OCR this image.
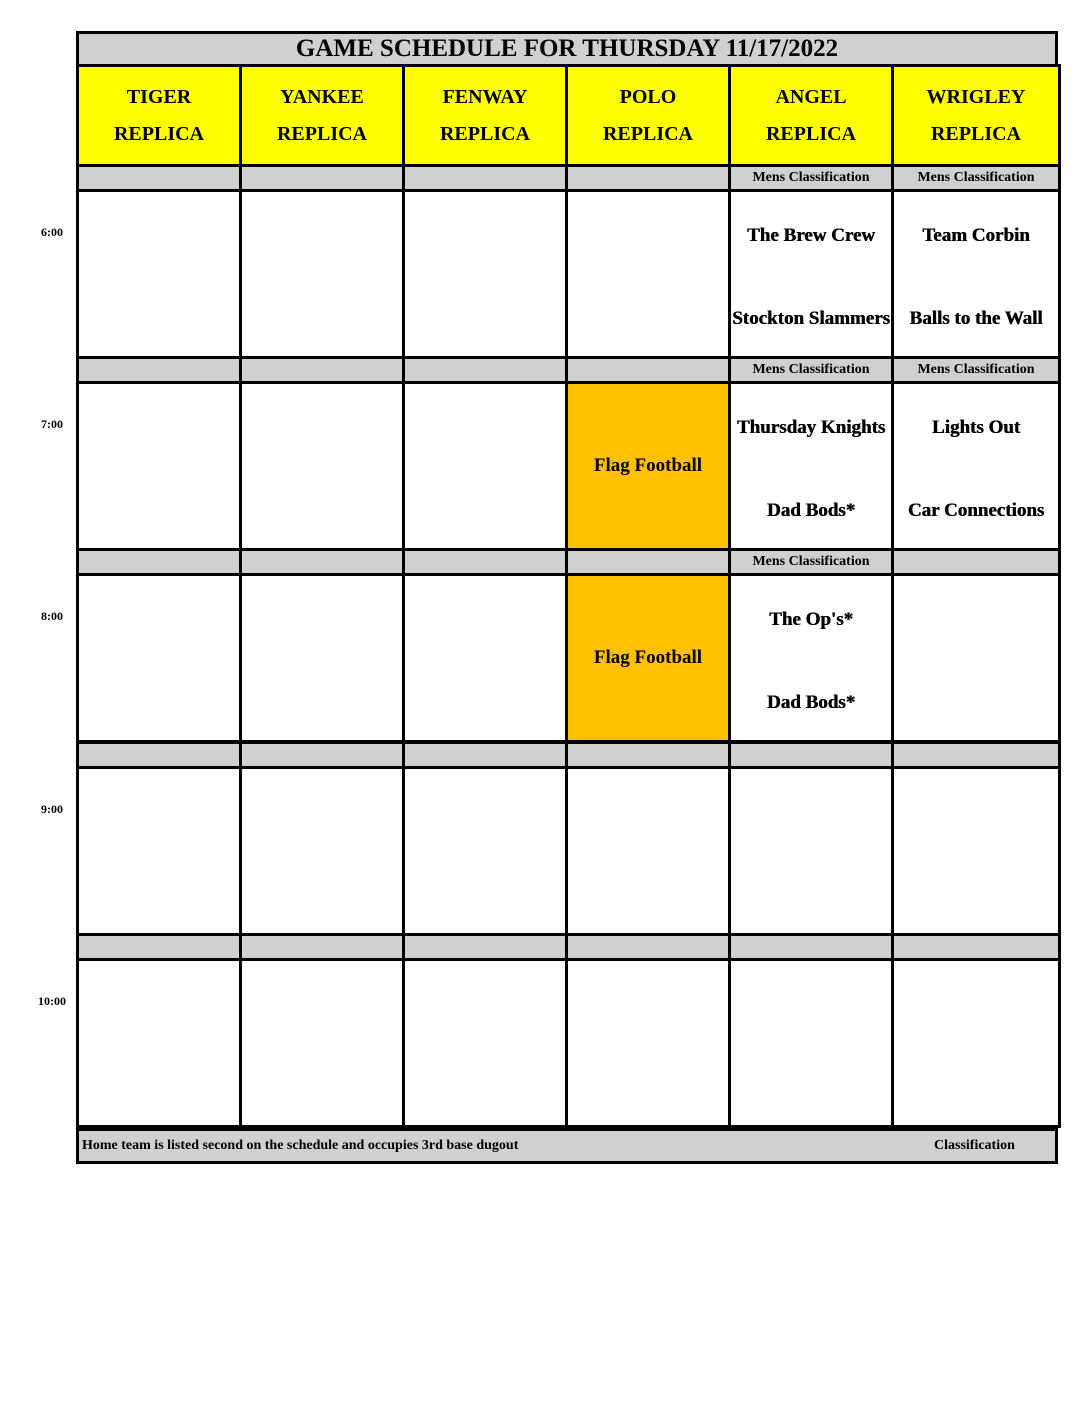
GAME SCHEDULE FOR THURSDAY 11/17/2022
TIGER
REPLICA
YANKEE
REPLICA
FENWAY
REPLICA
POLO
REPLICA
ANGEL
REPLICA
WRIGLEY
REPLICA
Mens Classification
The Brew Crew
Stockton Slammers
Mens Classification
Team Corbin
Balls to the Wall
6:00
Flag Football
Mens Classification
Thursday Knights
Dad Bods*
Mens Classification
Lights Out
Car Connections
7:00
Flag Football
Mens Classification
The Op's*
Dad Bods*
8:00
9:00
10:00
Home team is listed second on the schedule and occupies 3rd base dugout	Classification
